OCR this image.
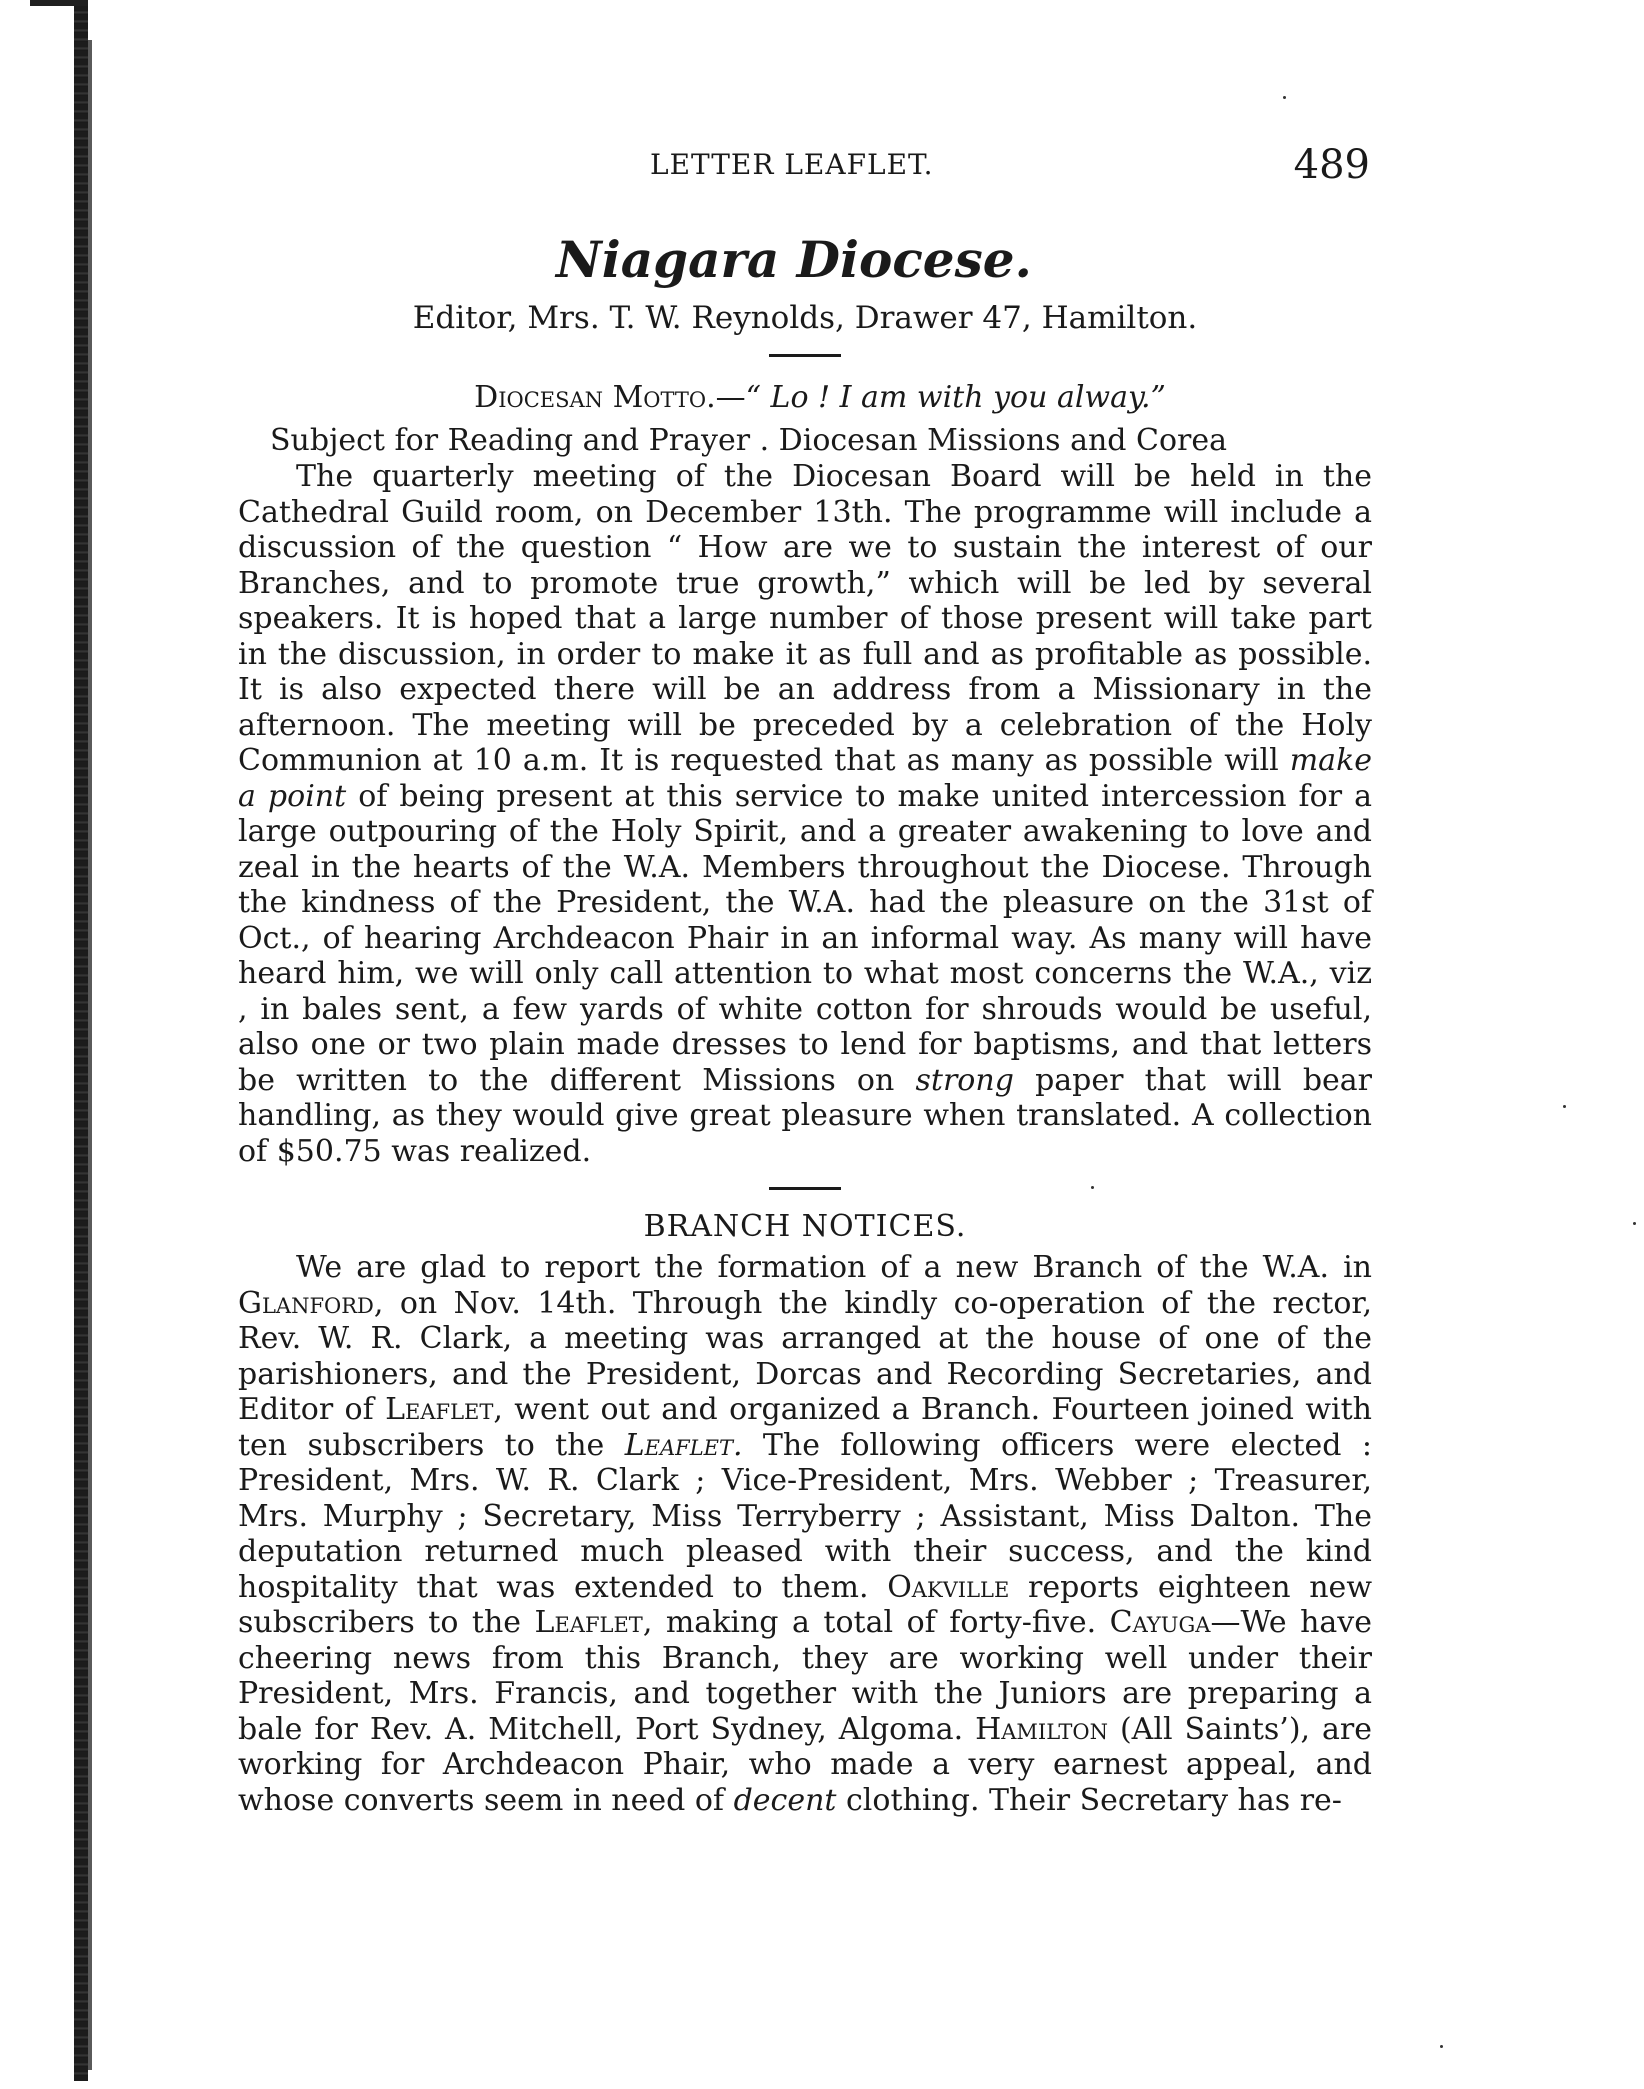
LETTER LEAFLET.	489
Niagara Diocese.
Editor, Mrs. T. W. Reynolds, Drawer 47, Hamilton.
Diocesan Motto.—“ Lo ! I am with you alway.”
Subject for Reading and Prayer . Diocesan Missions and Corea

The quarterly meeting of the Diocesan Board will be held in the Cathedral Guild room, on December 13th. The programme will include a discussion of the question “ How are we to sustain the interest of our Branches, and to promote true growth,” which will be led by several speakers. It is hoped that a large number of those present will take part in the discussion, in order to make it as full and as profitable as possible. It is also expected there will be an address from a Missionary in the afternoon. The meeting will be preceded by a celebration of the Holy Communion at 10 a.m. It is requested that as many as possible will make a point of being present at this service to make united intercession for a large outpouring of the Holy Spirit, and a greater awakening to love and zeal in the hearts of the W.A. Members throughout the Diocese. Through the kindness of the President, the W.A. had the pleasure on the 31st of Oct., of hearing Archdeacon Phair in an informal way. As many will have heard him, we will only call attention to what most concerns the W.A., viz , in bales sent, a few yards of white cotton for shrouds would be useful, also one or two plain made dresses to lend for baptisms, and that letters be written to the different Missions on strong paper that will bear handling, as they would give great pleasure when translated. A collection of $50.75 was realized.

BRANCH NOTICES.

We are glad to report the formation of a new Branch of the W.A. in Glanford, on Nov. 14th. Through the kindly co-operation of the rector, Rev. W. R. Clark, a meeting was arranged at the house of one of the parishioners, and the President, Dorcas and Recording Secretaries, and Editor of Leaflet, went out and organized a Branch. Fourteen joined with ten subscribers to the Leaflet. The following officers were elected : President, Mrs. W. R. Clark ; Vice-President, Mrs. Webber ; Treasurer, Mrs. Murphy ; Secretary, Miss Terryberry ; Assistant, Miss Dalton. The deputation returned much pleased with their success, and the kind hospitality that was extended to them. Oakville reports eighteen new subscribers to the Leaflet, making a total of forty-five. Cayuga—We have cheering news from this Branch, they are working well under their President, Mrs. Francis, and together with the Juniors are preparing a bale for Rev. A. Mitchell, Port Sydney, Algoma. Hamilton (All Saints’), are working for Archdeacon Phair, who made a very earnest appeal, and whose converts seem in need of decent clothing. Their Secretary has re-
